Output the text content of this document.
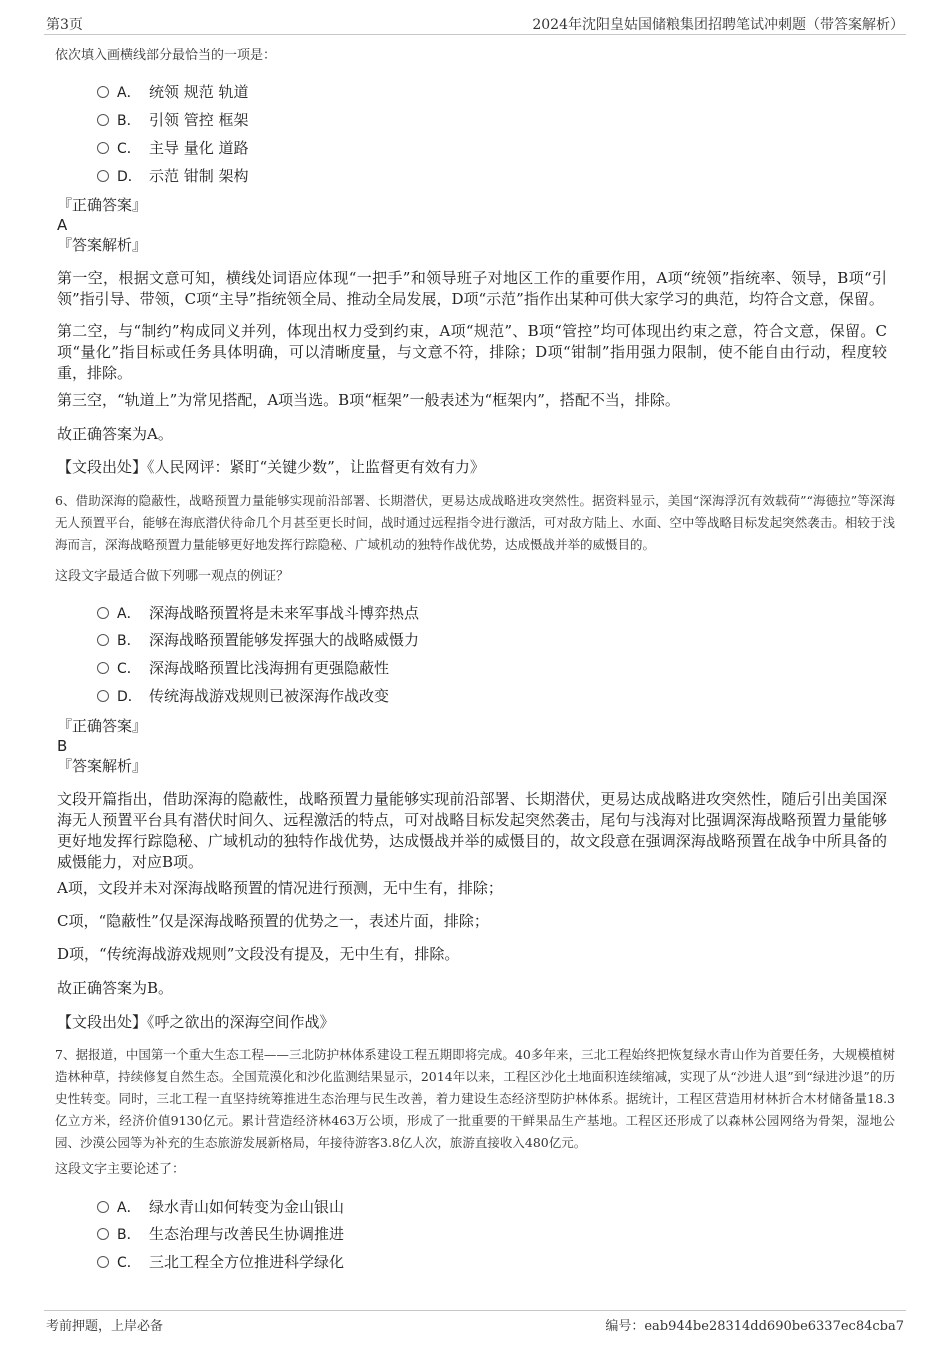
第3页	2024年沈阳皇姑国储粮集团招聘笔试冲刺题（带答案解析）
依次填入画横线部分最恰当的一项是：
A． 统领 规范 轨道
B． 引领 管控 框架
C． 主导 量化 道路
D． 示范 钳制 架构
『正确答案』
A
『答案解析』
第一空，根据文意可知，横线处词语应体现“一把手”和领导班子对地区工作的重要作用，A项“统领”指统率、领导，B项“引领”指引导、带领，C项“主导”指统领全局、推动全局发展，D项“示范”指作出某种可供大家学习的典范，均符合文意，保留。
第二空，与“制约”构成同义并列，体现出权力受到约束，A项“规范”、B项“管控”均可体现出约束之意，符合文意，保留。C项“量化”指目标或任务具体明确，可以清晰度量，与文意不符，排除；D项“钳制”指用强力限制，使不能自由行动，程度较重，排除。
第三空，“轨道上”为常见搭配，A项当选。B项“框架”一般表述为“框架内”，搭配不当，排除。
故正确答案为A。
【文段出处】《人民网评：紧盯“关键少数”，让监督更有效有力》
6、借助深海的隐蔽性，战略预置力量能够实现前沿部署、长期潜伏，更易达成战略进攻突然性。据资料显示，美国“深海浮沉有效载荷”“海德拉”等深海无人预置平台，能够在海底潜伏待命几个月甚至更长时间，战时通过远程指令进行激活，可对敌方陆上、水面、空中等战略目标发起突然袭击。相较于浅海而言，深海战略预置力量能够更好地发挥行踪隐秘、广域机动的独特作战优势，达成慑战并举的威慑目的。
这段文字最适合做下列哪一观点的例证？
A． 深海战略预置将是未来军事战斗博弈热点
B． 深海战略预置能够发挥强大的战略威慑力
C． 深海战略预置比浅海拥有更强隐蔽性
D． 传统海战游戏规则已被深海作战改变
『正确答案』
B
『答案解析』
文段开篇指出，借助深海的隐蔽性，战略预置力量能够实现前沿部署、长期潜伏，更易达成战略进攻突然性，随后引出美国深海无人预置平台具有潜伏时间久、远程激活的特点，可对战略目标发起突然袭击，尾句与浅海对比强调深海战略预置力量能够更好地发挥行踪隐秘、广域机动的独特作战优势，达成慑战并举的威慑目的，故文段意在强调深海战略预置在战争中所具备的威慑能力，对应B项。
A项，文段并未对深海战略预置的情况进行预测，无中生有，排除；
C项，“隐蔽性”仅是深海战略预置的优势之一，表述片面，排除；
D项，“传统海战游戏规则”文段没有提及，无中生有，排除。
故正确答案为B。
【文段出处】《呼之欲出的深海空间作战》
7、据报道，中国第一个重大生态工程——三北防护林体系建设工程五期即将完成。40多年来，三北工程始终把恢复绿水青山作为首要任务，大规模植树造林种草，持续修复自然生态。全国荒漠化和沙化监测结果显示，2014年以来，工程区沙化土地面积连续缩减，实现了从“沙进人退”到“绿进沙退”的历史性转变。同时，三北工程一直坚持统筹推进生态治理与民生改善，着力建设生态经济型防护林体系。据统计，工程区营造用材林折合木材储备量18.3亿立方米，经济价值9130亿元。累计营造经济林463万公顷，形成了一批重要的干鲜果品生产基地。工程区还形成了以森林公园网络为骨架，湿地公园、沙漠公园等为补充的生态旅游发展新格局，年接待游客3.8亿人次，旅游直接收入480亿元。
这段文字主要论述了：
A． 绿水青山如何转变为金山银山
B． 生态治理与改善民生协调推进
C． 三北工程全方位推进科学绿化
考前押题，上岸必备	编号：eab944be28314dd690be6337ec84cba7
